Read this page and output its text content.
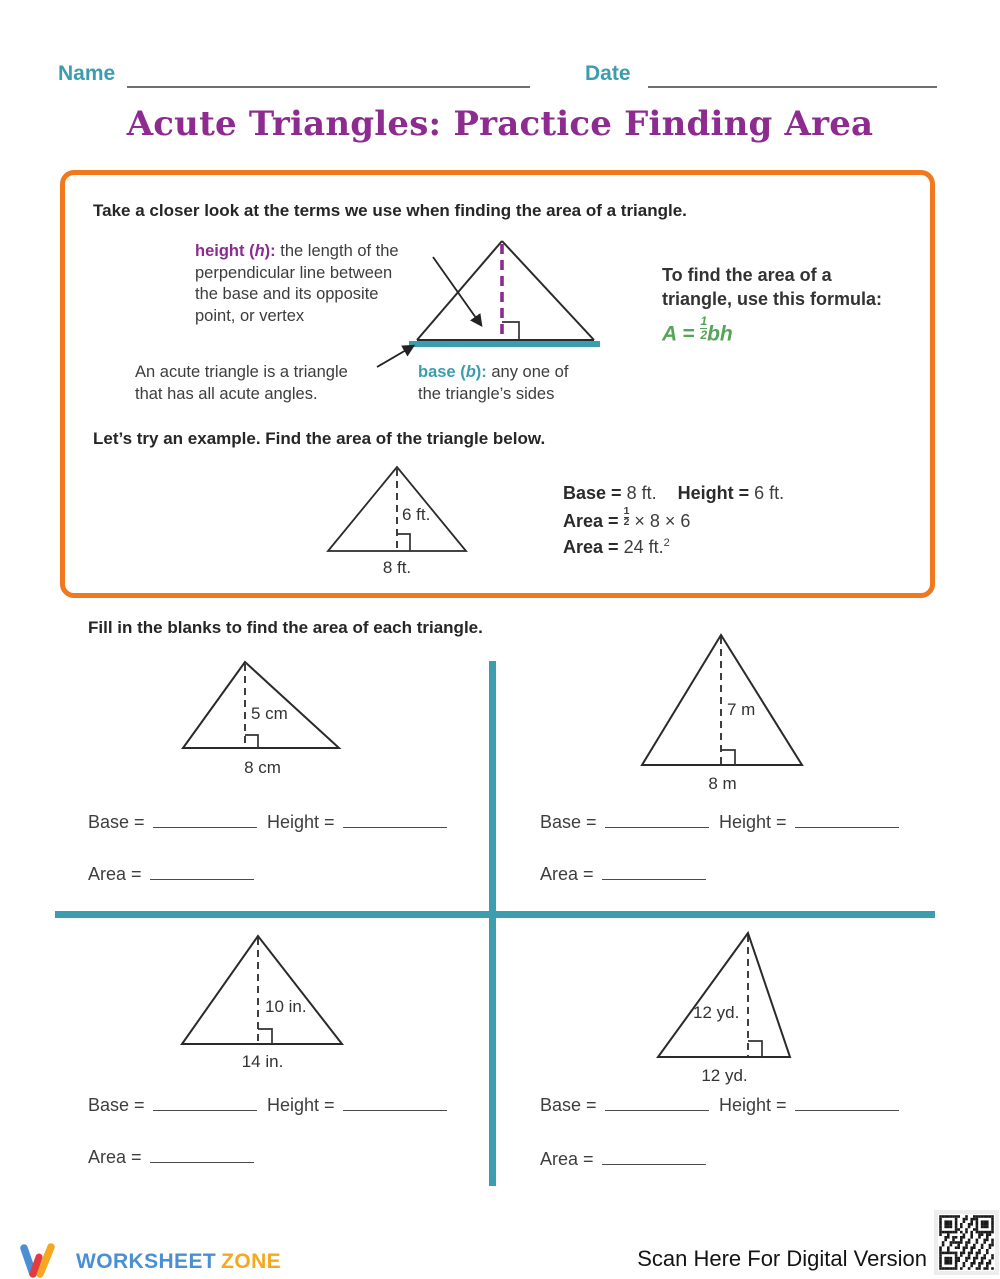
Name	Date
Acute Triangles: Practice Finding Area
Take a closer look at the terms we use when finding the area of a triangle.
height (h): the length of the
perpendicular line between
the base and its opposite
point, or vertex
An acute triangle is a triangle
that has all acute angles.
base (b): any one of
the triangle’s sides
To find the area of a
triangle, use this formula:
$A = \frac{1}{2}$ bh
Let’s try an example. Find the area of the triangle below.
6 ft.
8 ft.
Base = 8 ft. Height = 6 ft.
Area = $\frac{1}{2} \times 8 \times 6$
Area = 24 ft.$^2$
Fill in the blanks to find the area of each triangle.
5 cm
8 cm
Base =	Height =
Area =
7 m
8 m
Base =	Height =
Area =
10 in.
14 in.
Base =	Height =
Area =
12 yd.
12 yd.
Base =	Height =
Area =
WORKSHEET ZONE	Scan Here For Digital Version
